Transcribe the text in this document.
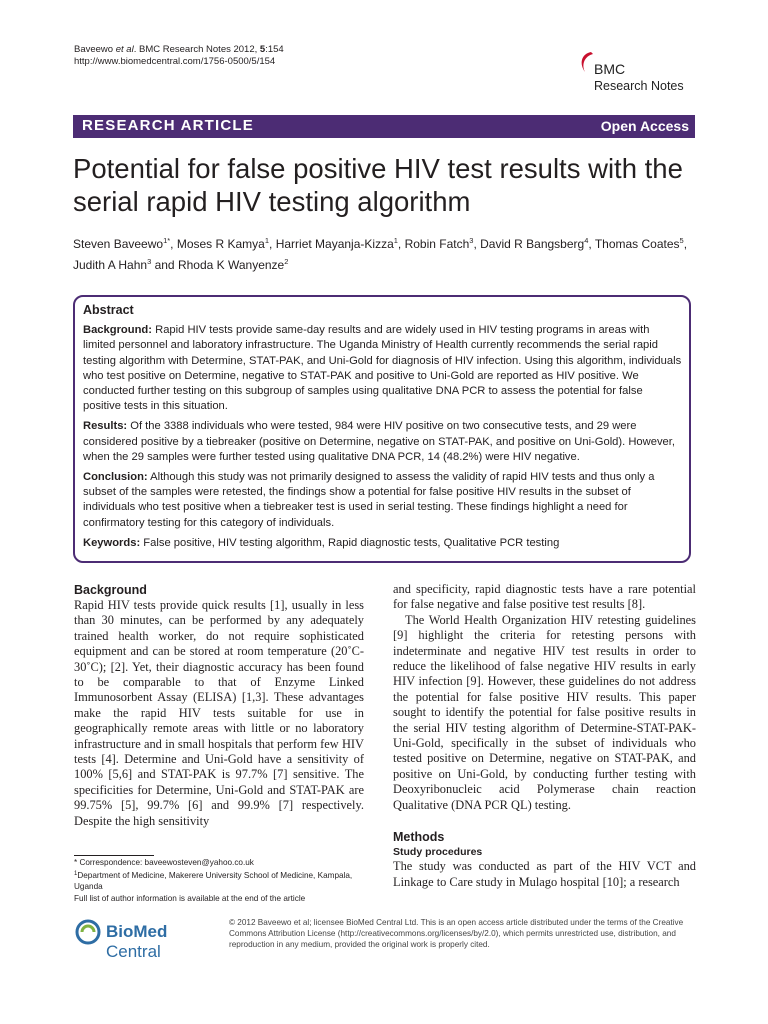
Baveewo et al. BMC Research Notes 2012, 5:154
http://www.biomedcentral.com/1756-0500/5/154	BMC
Research Notes
RESEARCH ARTICLE	Open Access
Potential for false positive HIV test results with the serial rapid HIV testing algorithm
Steven Baveewo$^{1*}$, Moses R Kamya$^1$, Harriet Mayanja-Kizza$^1$, Robin Fatch$^3$, David R Bangsberg$^4$, Thomas Coates$^5$, Judith A Hahn$^3$ and Rhoda K Wanyenze$^2$
Abstract

Background: Rapid HIV tests provide same-day results and are widely used in HIV testing programs in areas with limited personnel and laboratory infrastructure. The Uganda Ministry of Health currently recommends the serial rapid testing algorithm with Determine, STAT-PAK, and Uni-Gold for diagnosis of HIV infection. Using this algorithm, individuals who test positive on Determine, negative to STAT-PAK and positive to Uni-Gold are reported as HIV positive. We conducted further testing on this subgroup of samples using qualitative DNA PCR to assess the potential for false positive tests in this situation.

Results: Of the 3388 individuals who were tested, 984 were HIV positive on two consecutive tests, and 29 were considered positive by a tiebreaker (positive on Determine, negative on STAT-PAK, and positive on Uni-Gold). However, when the 29 samples were further tested using qualitative DNA PCR, 14 (48.2%) were HIV negative.

Conclusion: Although this study was not primarily designed to assess the validity of rapid HIV tests and thus only a subset of the samples were retested, the findings show a potential for false positive HIV results in the subset of individuals who test positive when a tiebreaker test is used in serial testing. These findings highlight a need for confirmatory testing for this category of individuals.

Keywords: False positive, HIV testing algorithm, Rapid diagnostic tests, Qualitative PCR testing

Background

Rapid HIV tests provide quick results [1], usually in less than 30 minutes, can be performed by any adequately trained health worker, do not require sophisticated equipment and can be stored at room temperature (20˚C-30˚C); [2]. Yet, their diagnostic accuracy has been found to be comparable to that of Enzyme Linked Immunosorbent Assay (ELISA) [1,3]. These advantages make the rapid HIV tests suitable for use in geographically remote areas with little or no laboratory infrastructure and in small hospitals that perform few HIV tests [4]. Determine and Uni-Gold have a sensitivity of 100% [5,6] and STAT-PAK is 97.7% [7] sensitive. The specificities for Determine, Uni-Gold and STAT-PAK are 99.75% [5], 99.7% [6] and 99.9% [7] respectively. Despite the high sensitivity

and specificity, rapid diagnostic tests have a rare potential for false negative and false positive test results [8].

The World Health Organization HIV retesting guidelines [9] highlight the criteria for retesting persons with indeterminate and negative HIV test results in order to reduce the likelihood of false negative HIV results in early HIV infection [9]. However, these guidelines do not address the potential for false positive HIV results. This paper sought to identify the potential for false positive results in the serial HIV testing algorithm of Determine-STAT-PAK-Uni-Gold, specifically in the subset of individuals who tested positive on Determine, negative on STAT-PAK, and positive on Uni-Gold, by conducting further testing with Deoxyribonucleic acid Polymerase chain reaction Qualitative (DNA PCR QL) testing.

Methods
Study procedures

The study was conducted as part of the HIV VCT and Linkage to Care study in Mulago hospital [10]; a research

* Correspondence: baveewosteven@yahoo.co.uk
$^1$Department of Medicine, Makerere University School of Medicine, Kampala, Uganda
Full list of author information is available at the end of the article
BioMed Central
© 2012 Baveewo et al; licensee BioMed Central Ltd. This is an open access article distributed under the terms of the Creative Commons Attribution License (http://creativecommons.org/licenses/by/2.0), which permits unrestricted use, distribution, and reproduction in any medium, provided the original work is properly cited.
